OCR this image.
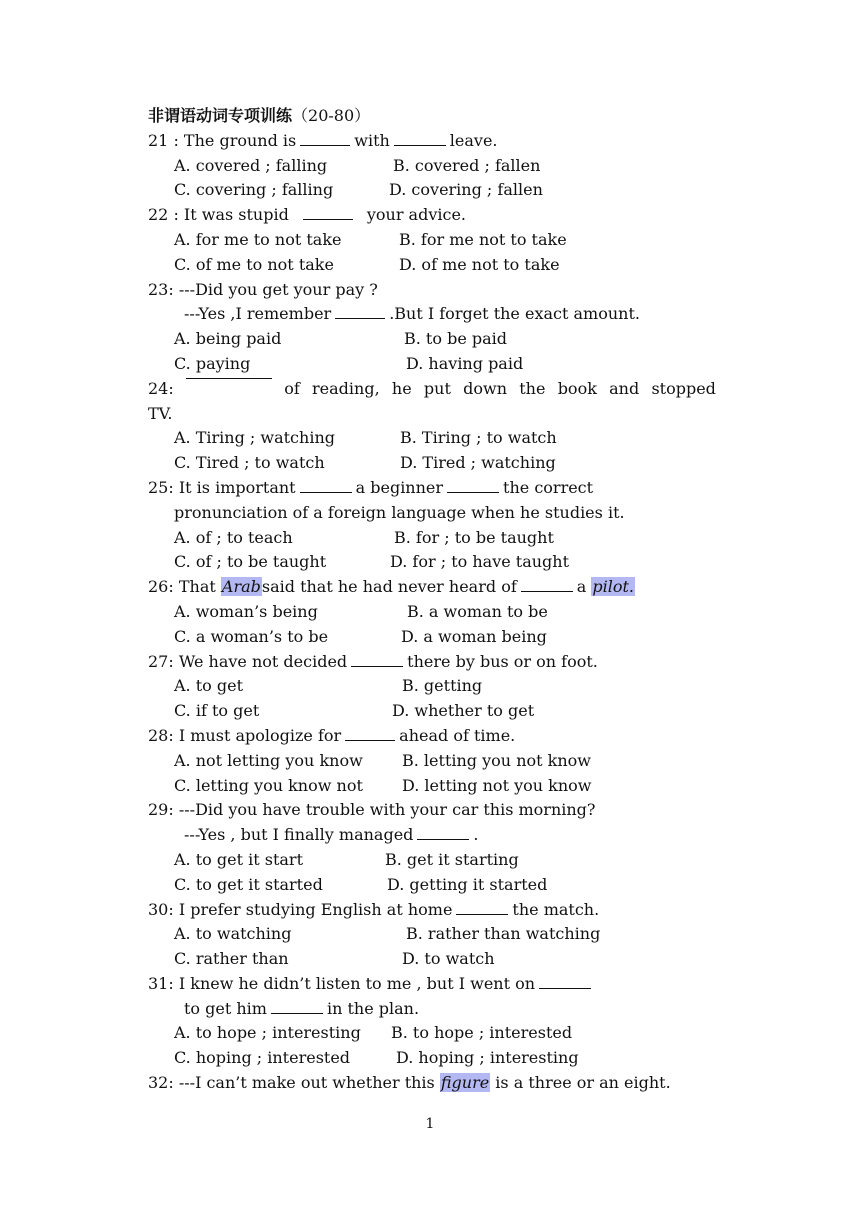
非谓语动词专项训练（20-80）
21 : The ground is	with	leave.
A. covered ; falling	B. covered ; fallen
C. covering ; falling	D. covering ; fallen
22 : It was stupid	your advice.
A. for me to not take	B. for me not to take
C. of me to not take	D. of me not to take
23: ---Did you get your pay ?
---Yes ,I remember	.But I forget the exact amount.
A. being paid	B. to be paid
C. paying	D. having paid
24:	of reading, he put down the book and stopped
TV.
A. Tiring ; watching	B. Tiring ; to watch
C. Tired ; to watch	D. Tired ; watching
25: It is important	a beginner	the correct
pronunciation of a foreign language when he studies it.
A. of ; to teach	B. for ; to be taught
C. of ; to be taught	D. for ; to have taught
26: That Arabsaid that he had never heard of	a pilot.
A. woman’s being	B. a woman to be
C. a woman’s to be	D. a woman being
27: We have not decided	there by bus or on foot.
A. to get	B. getting
C. if to get	D. whether to get
28: I must apologize for	ahead of time.
A. not letting you know B. letting you not know
C. letting you know not D. letting not you know
29: ---Did you have trouble with your car this morning?
---Yes , but I finally managed	.
A. to get it start	B. get it starting
C. to get it started	D. getting it started
30: I prefer studying English at home	the match.
A. to watching	B. rather than watching
C. rather than	D. to watch
31: I knew he didn’t listen to me , but I went on
to get him	in the plan.
A. to hope ; interesting B. to hope ; interested
C. hoping ; interested	D. hoping ; interesting
32: ---I can’t make out whether this figure is a three or an eight.
1
